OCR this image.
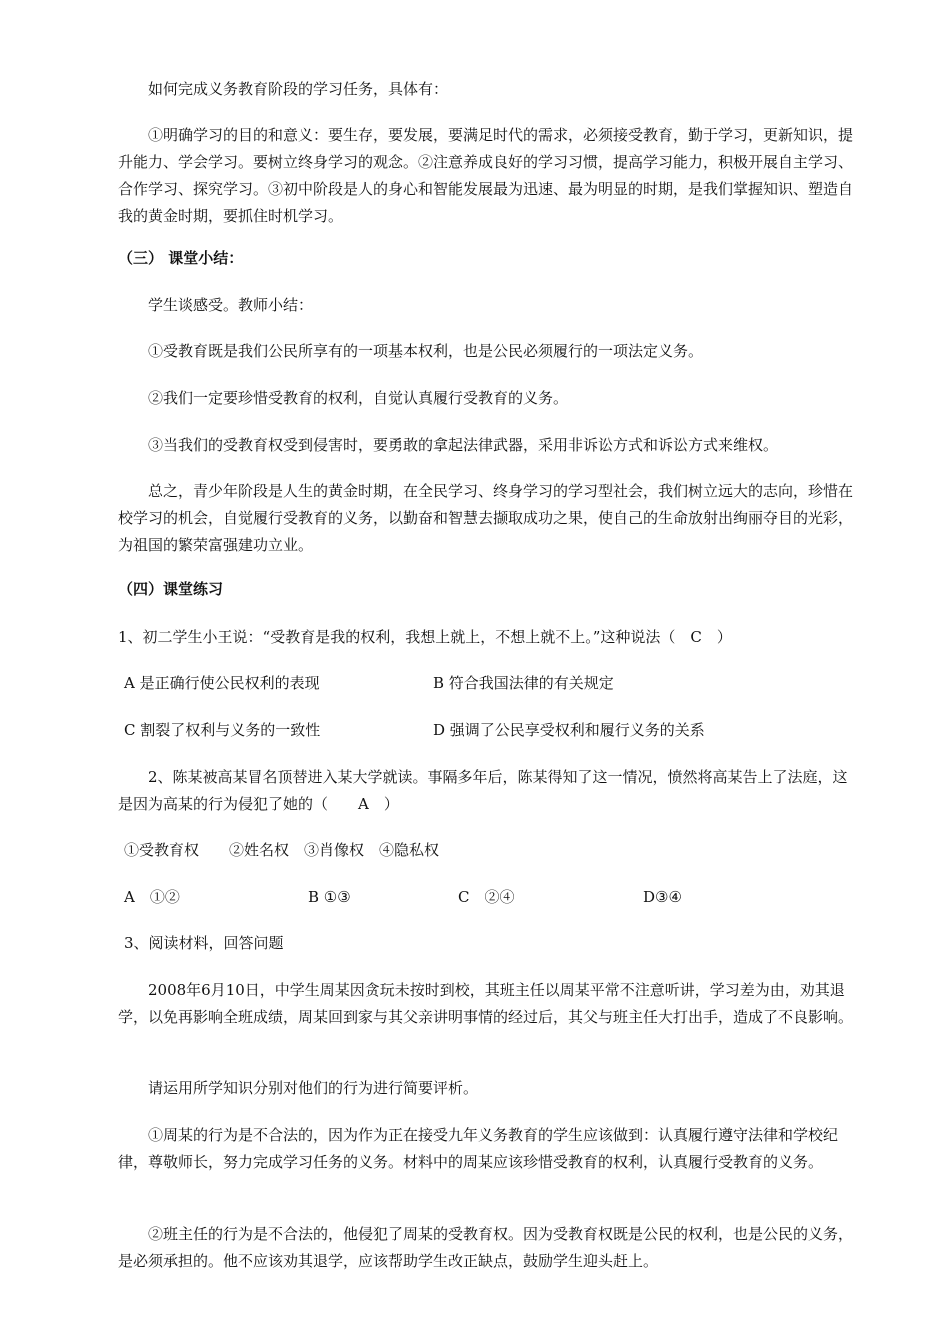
　　如何完成义务教育阶段的学习任务，具体有：

　　①明确学习的目的和意义：要生存，要发展，要满足时代的需求，必须接受教育，勤于学习，更新知识，提升能力、学会学习。要树立终身学习的观念。②注意养成良好的学习习惯，提高学习能力，积极开展自主学习、合作学习、探究学习。③初中阶段是人的身心和智能发展最为迅速、最为明显的时期，是我们掌握知识、塑造自我的黄金时期，要抓住时机学习。

（三） 课堂小结：

　　学生谈感受。教师小结：

　　①受教育既是我们公民所享有的一项基本权利，也是公民必须履行的一项法定义务。

　　②我们一定要珍惜受教育的权利，自觉认真履行受教育的义务。

　　③当我们的受教育权受到侵害时，要勇敢的拿起法律武器，采用非诉讼方式和诉讼方式来维权。

　　总之，青少年阶段是人生的黄金时期，在全民学习、终身学习的学习型社会，我们树立远大的志向，珍惜在校学习的机会，自觉履行受教育的义务，以勤奋和智慧去撷取成功之果，使自己的生命放射出绚丽夺目的光彩，为祖国的繁荣富强建功立业。

（四）课堂练习

1、初二学生小王说：“受教育是我的权利，我想上就上，不想上就不上。”这种说法（　C　）

A 是正确行使公民权利的表现	B 符合我国法律的有关规定
C 割裂了权利与义务的一致性	D 强调了公民享受权利和履行义务的关系

　　2、陈某被高某冒名顶替进入某大学就读。事隔多年后，陈某得知了这一情况，愤然将高某告上了法庭，这是因为高某的行为侵犯了她的（　　A　）

①受教育权　　②姓名权　③肖像权　④隐私权
A　①②	B ①③	C　②④	D③④

3、阅读材料，回答问题

　　2008年6月10日，中学生周某因贪玩未按时到校，其班主任以周某平常不注意听讲，学习差为由，劝其退学，以免再影响全班成绩，周某回到家与其父亲讲明事情的经过后，其父与班主任大打出手，造成了不良影响。

　　请运用所学知识分别对他们的行为进行简要评析。

　　①周某的行为是不合法的，因为作为正在接受九年义务教育的学生应该做到：认真履行遵守法律和学校纪律，尊敬师长，努力完成学习任务的义务。材料中的周某应该珍惜受教育的权利，认真履行受教育的义务。

　　②班主任的行为是不合法的，他侵犯了周某的受教育权。因为受教育权既是公民的权利，也是公民的义务，是必须承担的。他不应该劝其退学，应该帮助学生改正缺点，鼓励学生迎头赶上。
